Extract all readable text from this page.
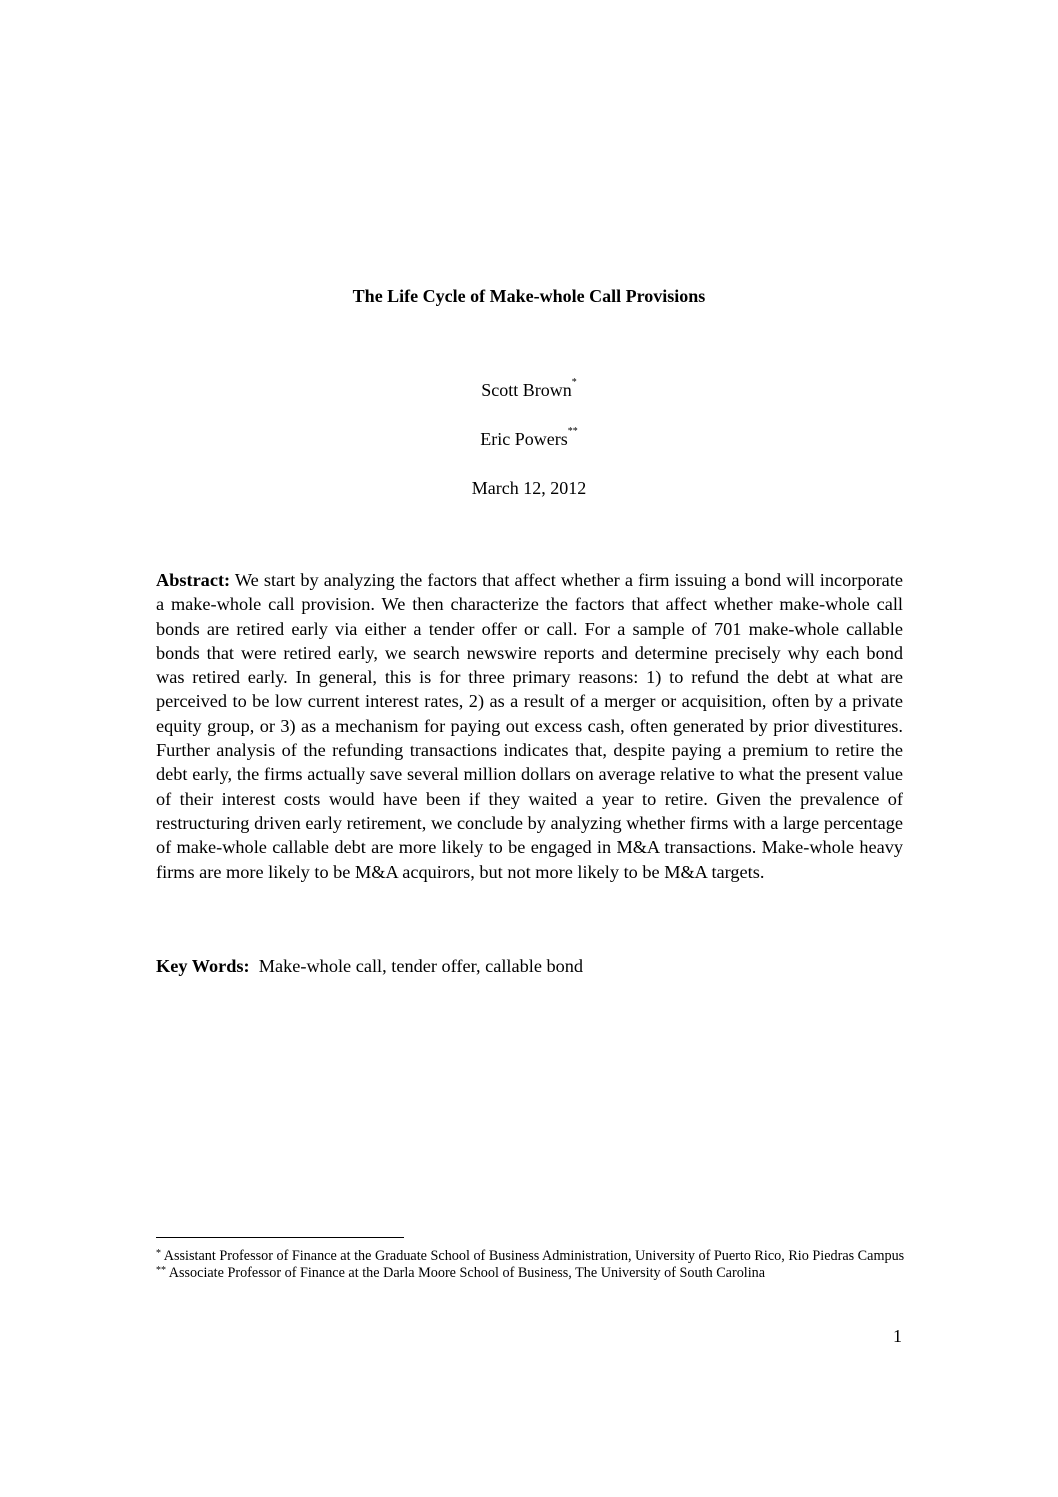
The Life Cycle of Make-whole Call Provisions
Scott Brown*
Eric Powers**
March 12, 2012

Abstract: We start by analyzing the factors that affect whether a firm issuing a bond will incorporate a make-whole call provision. We then characterize the factors that affect whether make-whole call bonds are retired early via either a tender offer or call. For a sample of 701 make-whole callable bonds that were retired early, we search newswire reports and determine precisely why each bond was retired early. In general, this is for three primary reasons: 1) to refund the debt at what are perceived to be low current interest rates, 2) as a result of a merger or acquisition, often by a private equity group, or 3) as a mechanism for paying out excess cash, often generated by prior divestitures. Further analysis of the refunding transactions indicates that, despite paying a premium to retire the debt early, the firms actually save several million dollars on average relative to what the present value of their interest costs would have been if they waited a year to retire. Given the prevalence of restructuring driven early retirement, we conclude by analyzing whether firms with a large percentage of make-whole callable debt are more likely to be engaged in M&A transactions. Make-whole heavy firms are more likely to be M&A acquirors, but not more likely to be M&A targets.

Key Words: Make-whole call, tender offer, callable bond

* Assistant Professor of Finance at the Graduate School of Business Administration, University of Puerto Rico, Rio Piedras Campus

** Associate Professor of Finance at the Darla Moore School of Business, The University of South Carolina

1
